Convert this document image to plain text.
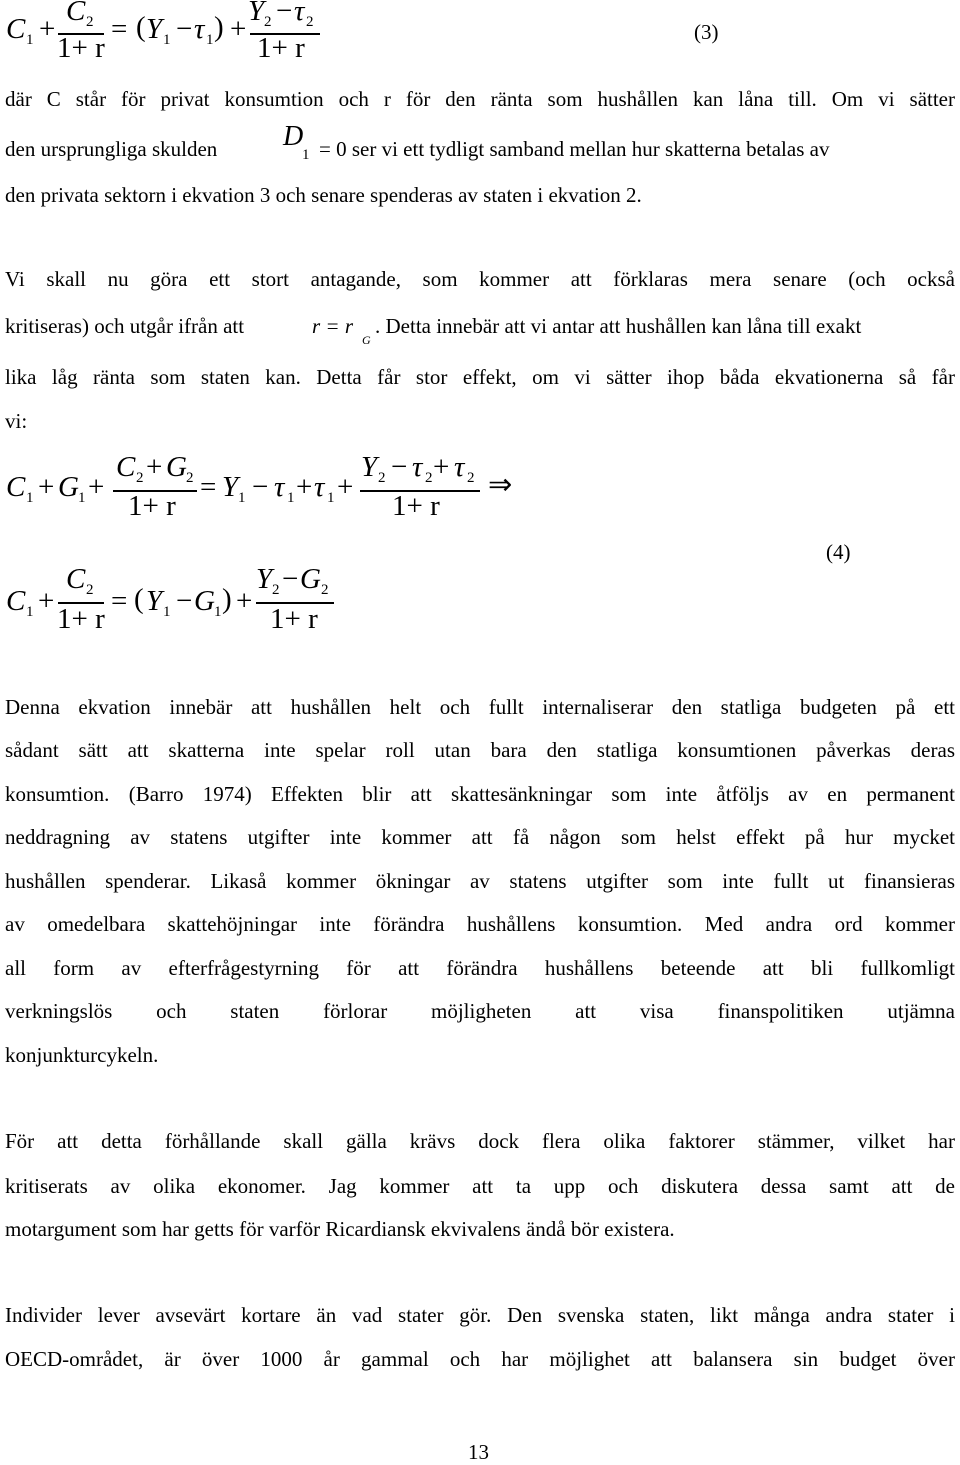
C 1 +
C 2
1+ r
= ( Y 1 − τ 1 ) +
Y 2 − τ 2
1+ r	(3)
där C står för privat konsumtion och r för den ränta som hushållen kan låna till. Om vi sätter
den ursprungliga skulden D
1 = 0 ser vi ett tydligt samband mellan hur skatterna betalas av
den privata sektorn i ekvation 3 och senare spenderas av staten i ekvation 2.
Vi skall nu göra ett stort antagande, som kommer att förklaras mera senare (och också
kritiseras) och utgår ifrån att	r = r
G
. Detta innebär att vi antar att hushållen kan låna till exakt
lika låg ränta som staten kan. Detta får stor effekt, om vi sätter ihop båda ekvationerna så får
vi:
C 1 + G 1 +
C 2 + G 2
1+ r
= Y 1 − τ 1 + τ 1 +
Y 2 − τ 2 + τ 2
1+ r
⇒
(4)
C 1 +
C 2
1+ r
= ( Y 1 − G 1 ) +
Y 2 − G 2
1+ r
Denna ekvation innebär att hushållen helt och fullt internaliserar den statliga budgeten på ett
sådant sätt att skatterna inte spelar roll utan bara den statliga konsumtionen påverkas deras
konsumtion. (Barro 1974) Effekten blir att skattesänkningar som inte åtföljs av en permanent
neddragning av statens utgifter inte kommer att få någon som helst effekt på hur mycket
hushållen spenderar. Likaså kommer ökningar av statens utgifter som inte fullt ut finansieras
av omedelbara skattehöjningar inte förändra hushållens konsumtion. Med andra ord kommer
all form av efterfrågestyrning för att förändra hushållens beteende att bli fullkomligt
verkningslös och staten förlorar möjligheten att visa finanspolitiken utjämna
konjunkturcykeln.
För att detta förhållande skall gälla krävs dock flera olika faktorer stämmer, vilket har
kritiserats av olika ekonomer. Jag kommer att ta upp och diskutera dessa samt att de
motargument som har getts för varför Ricardiansk ekvivalens ändå bör existera.
Individer lever avsevärt kortare än vad stater gör. Den svenska staten, likt många andra stater i
OECD-området, är över 1000 år gammal och har möjlighet att balansera sin budget över
13
